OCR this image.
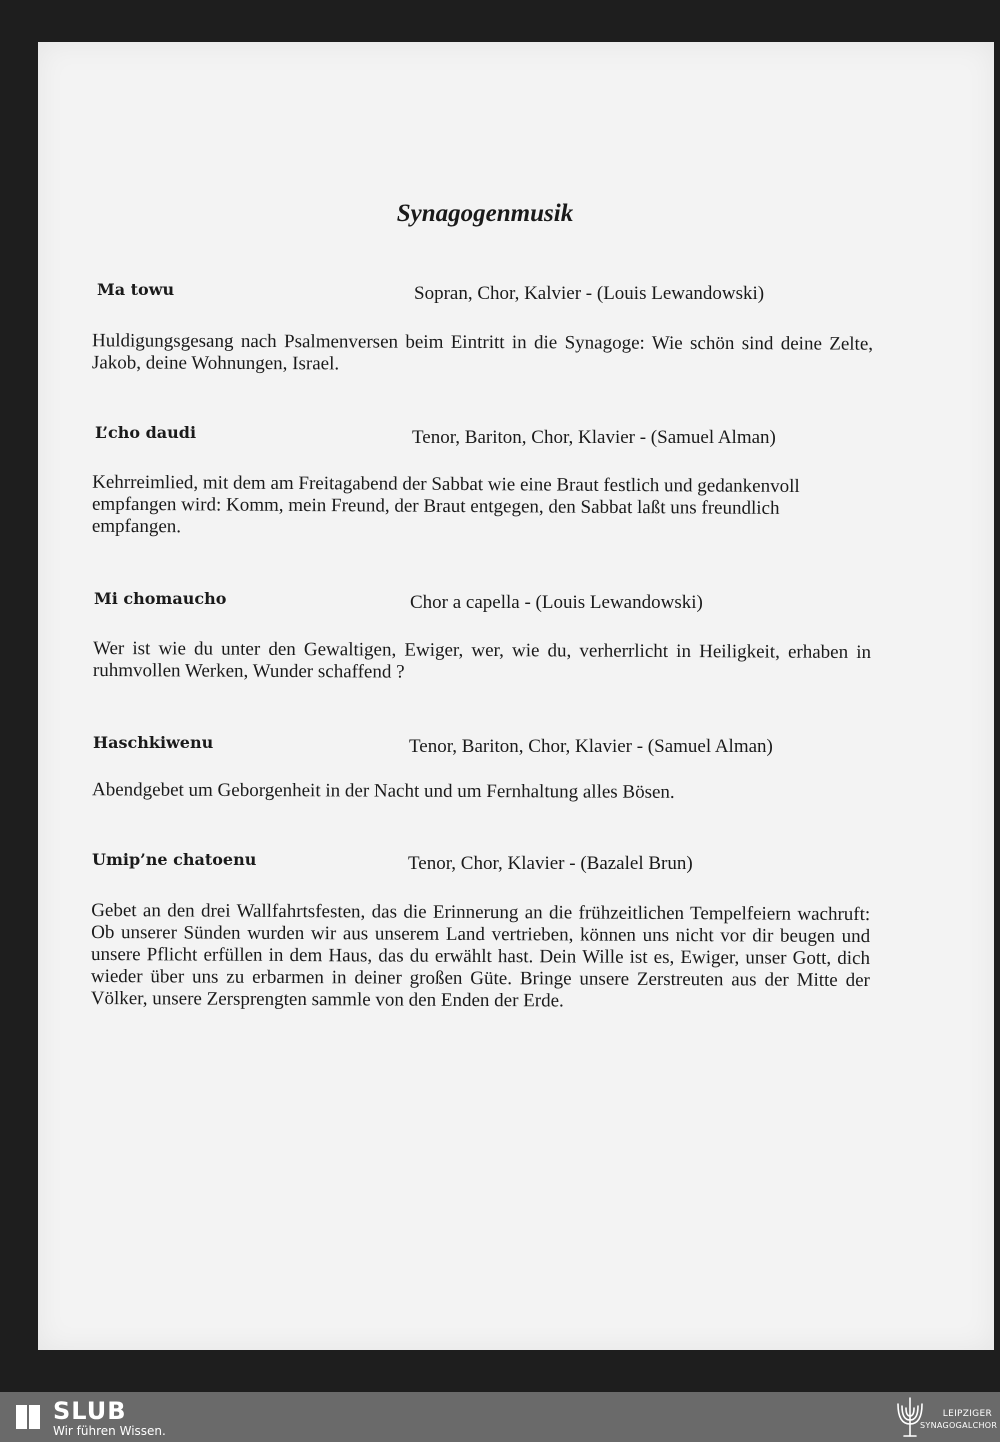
Synagogenmusik
Ma towu	Sopran, Chor, Kalvier - (Louis Lewandowski)
Huldigungsgesang nach Psalmenversen beim Eintritt in die Synagoge: Wie schön sind deine Zelte, Jakob, deine Wohnungen, Israel.
L’cho daudi	Tenor, Bariton, Chor, Klavier - (Samuel Alman)
Kehrreimlied, mit dem am Freitagabend der Sabbat wie eine Braut festlich und gedankenvoll empfangen wird: Komm, mein Freund, der Braut entgegen, den Sabbat laßt uns freundlich empfangen.
Mi chomaucho	Chor a capella - (Louis Lewandowski)
Wer ist wie du unter den Gewaltigen, Ewiger, wer, wie du, verherrlicht in Heiligkeit, erhaben in ruhmvollen Werken, Wunder schaffend ?
Haschkiwenu	Tenor, Bariton, Chor, Klavier - (Samuel Alman)
Abendgebet um Geborgenheit in der Nacht und um Fernhaltung alles Bösen.
Umip’ne chatoenu	Tenor, Chor, Klavier - (Bazalel Brun)
Gebet an den drei Wallfahrtsfesten, das die Erinnerung an die frühzeitlichen Tempelfeiern wachruft: Ob unserer Sünden wurden wir aus unserem Land vertrieben, können uns nicht vor dir beugen und unsere Pflicht erfüllen in dem Haus, das du erwählt hast. Dein Wille ist es, Ewiger, unser Gott, dich wieder über uns zu erbarmen in deiner großen Güte. Bringe unsere Zerstreuten aus der Mitte der Völker, unsere Zersprengten sammle von den Enden der Erde.
SLUB
Wir führen Wissen.
LEIPZIGER
SYNAGOGALCHOR
